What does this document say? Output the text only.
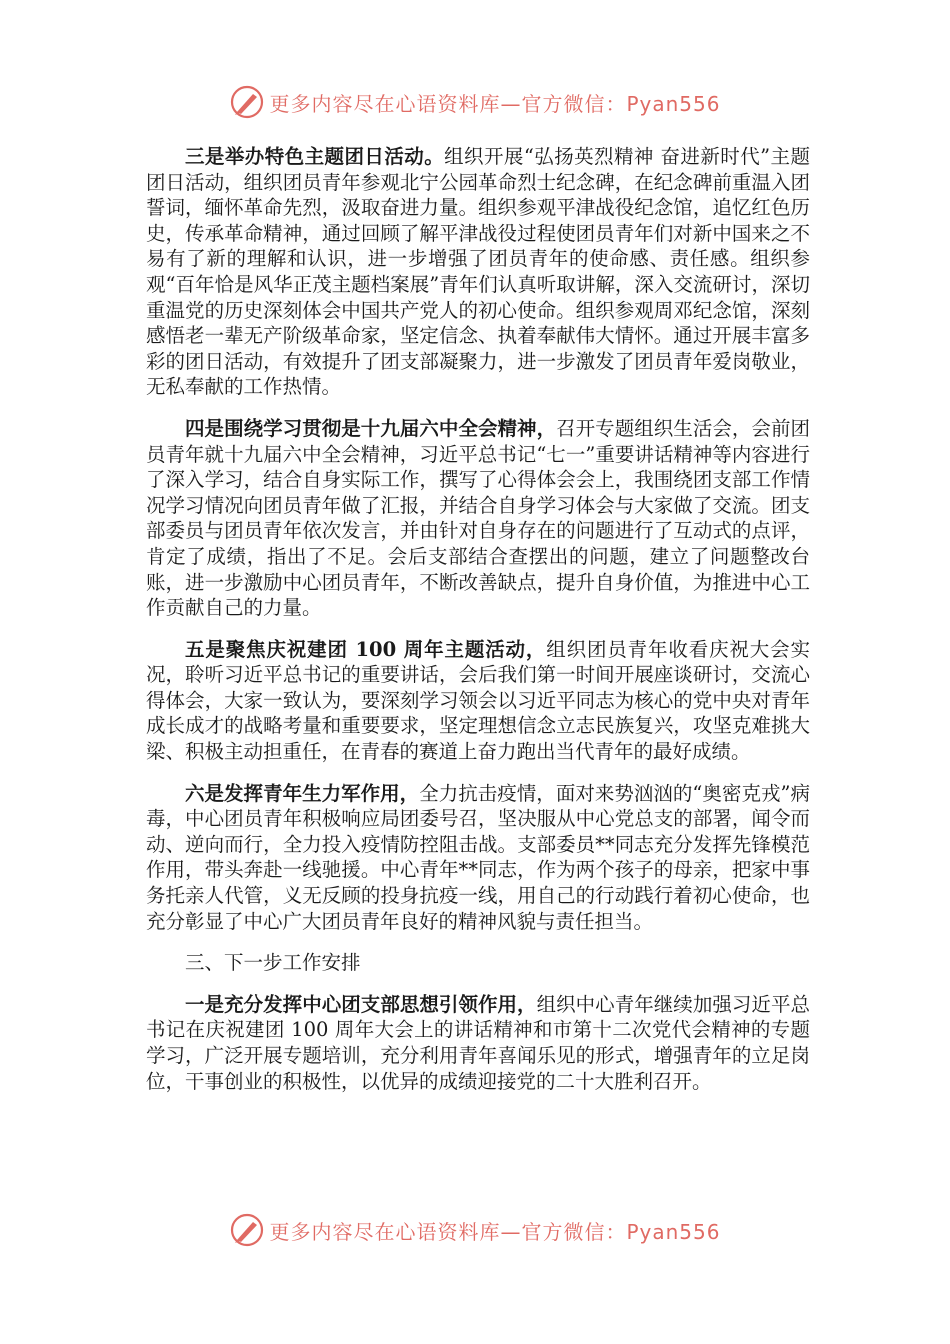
更多内容尽在心语资料库—官方微信：Pyan556

三是举办特色主题团日活动。组织开展“弘扬英烈精神 奋进新时代”主题团日活动，组织团员青年参观北宁公园革命烈士纪念碑，在纪念碑前重温入团誓词，缅怀革命先烈，汲取奋进力量。组织参观平津战役纪念馆，追忆红色历史，传承革命精神，通过回顾了解平津战役过程使团员青年们对新中国来之不易有了新的理解和认识，进一步增强了团员青年的使命感、责任感。组织参观“百年恰是风华正茂主题档案展”青年们认真听取讲解，深入交流研讨，深切重温党的历史深刻体会中国共产党人的初心使命。组织参观周邓纪念馆，深刻感悟老一辈无产阶级革命家，坚定信念、执着奉献伟大情怀。通过开展丰富多彩的团日活动，有效提升了团支部凝聚力，进一步激发了团员青年爱岗敬业，无私奉献的工作热情。

四是围绕学习贯彻是十九届六中全会精神，召开专题组织生活会，会前团员青年就十九届六中全会精神，习近平总书记“七一”重要讲话精神等内容进行了深入学习，结合自身实际工作，撰写了心得体会会上，我围绕团支部工作情况学习情况向团员青年做了汇报，并结合自身学习体会与大家做了交流。团支部委员与团员青年依次发言，并由针对自身存在的问题进行了互动式的点评，肯定了成绩，指出了不足。会后支部结合查摆出的问题，建立了问题整改台账，进一步激励中心团员青年，不断改善缺点，提升自身价值，为推进中心工作贡献自己的力量。

五是聚焦庆祝建团 100 周年主题活动，组织团员青年收看庆祝大会实况，聆听习近平总书记的重要讲话，会后我们第一时间开展座谈研讨，交流心得体会，大家一致认为，要深刻学习领会以习近平同志为核心的党中央对青年成长成才的战略考量和重要要求，坚定理想信念立志民族复兴，攻坚克难挑大梁、积极主动担重任，在青春的赛道上奋力跑出当代青年的最好成绩。

六是发挥青年生力军作用，全力抗击疫情，面对来势汹汹的“奥密克戎”病毒，中心团员青年积极响应局团委号召，坚决服从中心党总支的部署，闻令而动、逆向而行，全力投入疫情防控阻击战。支部委员**同志充分发挥先锋模范作用，带头奔赴一线驰援。中心青年**同志，作为两个孩子的母亲，把家中事务托亲人代管，义无反顾的投身抗疫一线，用自己的行动践行着初心使命，也充分彰显了中心广大团员青年良好的精神风貌与责任担当。

三、下一步工作安排

一是充分发挥中心团支部思想引领作用，组织中心青年继续加强习近平总书记在庆祝建团 100 周年大会上的讲话精神和市第十二次党代会精神的专题学习，广泛开展专题培训，充分利用青年喜闻乐见的形式，增强青年的立足岗位，干事创业的积极性，以优异的成绩迎接党的二十大胜利召开。

更多内容尽在心语资料库—官方微信：Pyan556
